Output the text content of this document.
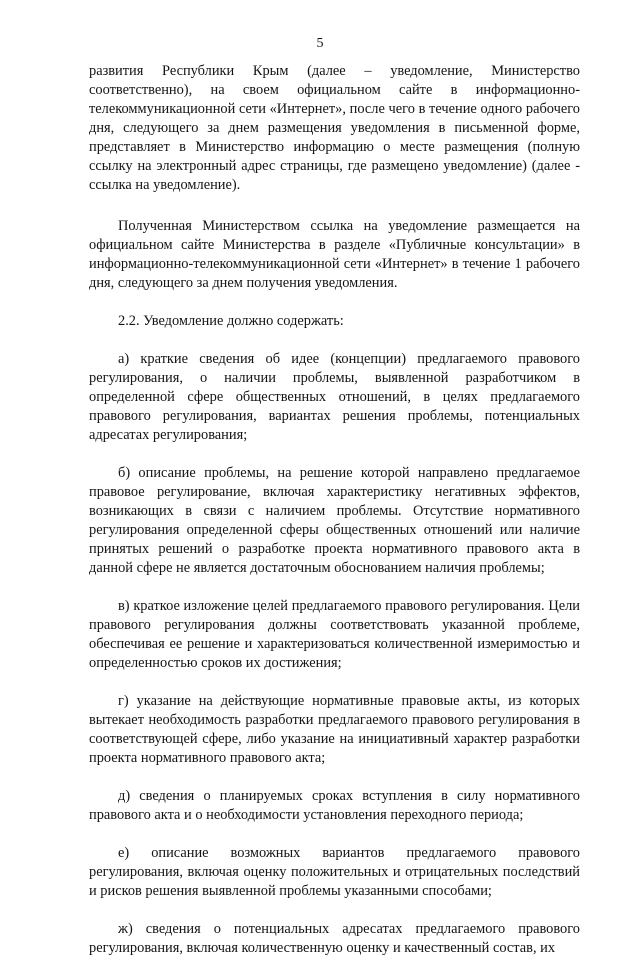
5

развития Республики Крым (далее – уведомление, Министерство соответственно), на своем официальном сайте в информационно-телекоммуникационной сети «Интернет», после чего в течение одного рабочего дня, следующего за днем размещения уведомления в письменной форме, представляет в Министерство информацию о месте размещения (полную ссылку на электронный адрес страницы, где размещено уведомление) (далее - ссылка на уведомление).

Полученная Министерством ссылка на уведомление размещается на официальном сайте Министерства в разделе «Публичные консультации» в информационно-телекоммуникационной сети «Интернет» в течение 1 рабочего дня, следующего за днем получения уведомления.

2.2. Уведомление должно содержать:

а) краткие сведения об идее (концепции) предлагаемого правового регулирования, о наличии проблемы, выявленной разработчиком в определенной сфере общественных отношений, в целях предлагаемого правового регулирования, вариантах решения проблемы, потенциальных адресатах регулирования;

б) описание проблемы, на решение которой направлено предлагаемое правовое регулирование, включая характеристику негативных эффектов, возникающих в связи с наличием проблемы. Отсутствие нормативного регулирования определенной сферы общественных отношений или наличие принятых решений о разработке проекта нормативного правового акта в данной сфере не является достаточным обоснованием наличия проблемы;

в) краткое изложение целей предлагаемого правового регулирования. Цели правового регулирования должны соответствовать указанной проблеме, обеспечивая ее решение и характеризоваться количественной измеримостью и определенностью сроков их достижения;

г) указание на действующие нормативные правовые акты, из которых вытекает необходимость разработки предлагаемого правового регулирования в соответствующей сфере, либо указание на инициативный характер разработки проекта нормативного правового акта;

д) сведения о планируемых сроках вступления в силу нормативного правового акта и о необходимости установления переходного периода;

е) описание возможных вариантов предлагаемого правового регулирования, включая оценку положительных и отрицательных последствий и рисков решения выявленной проблемы указанными способами;

ж) сведения о потенциальных адресатах предлагаемого правового регулирования, включая количественную оценку и качественный состав, их
